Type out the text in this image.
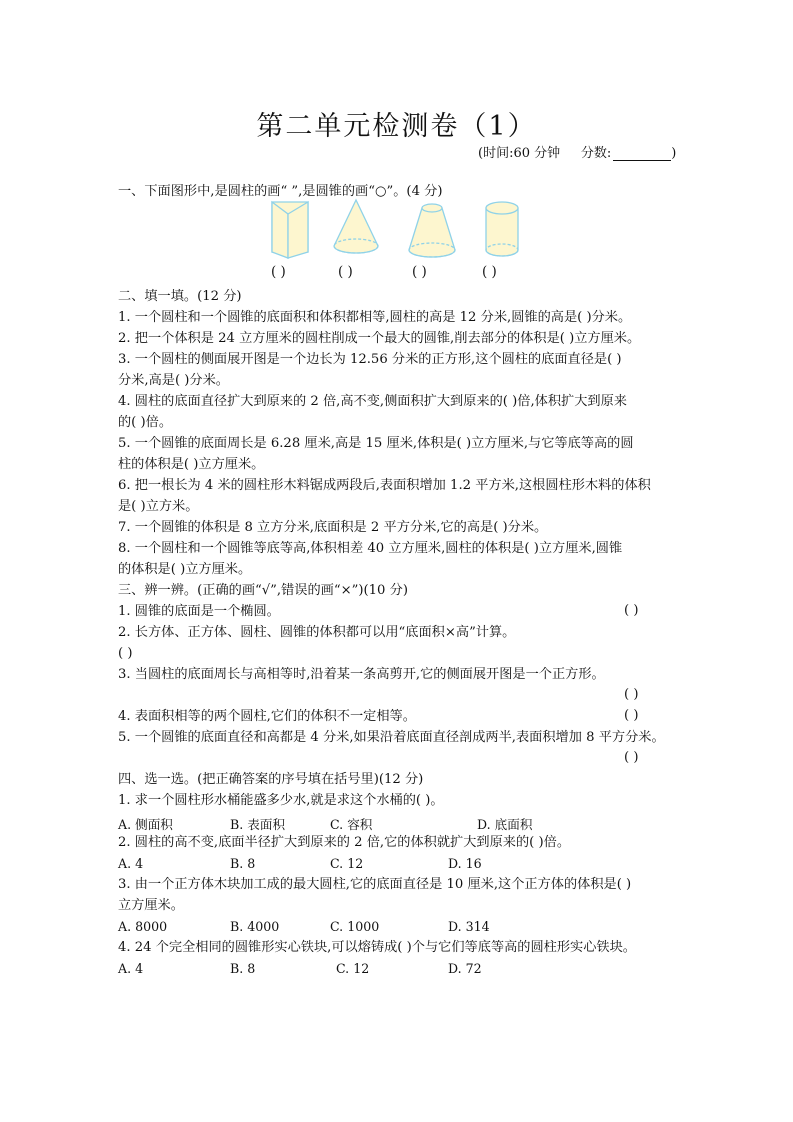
第二单元检测卷（1）
(时间:60 分钟 分数:	)
一、下面图形中,是圆柱的画“ ”,是圆锥的画“○”。(4 分)
( )	( )	( )	( )
二、填一填。(12 分)
1. 一个圆柱和一个圆锥的底面积和体积都相等,圆柱的高是 12 分米,圆锥的高是( )分米。
2. 把一个体积是 24 立方厘米的圆柱削成一个最大的圆锥,削去部分的体积是( )立方厘米。
3. 一个圆柱的侧面展开图是一个边长为 12.56 分米的正方形,这个圆柱的底面直径是( )
分米,高是( )分米。
4. 圆柱的底面直径扩大到原来的 2 倍,高不变,侧面积扩大到原来的( )倍,体积扩大到原来
的( )倍。
5. 一个圆锥的底面周长是 6.28 厘米,高是 15 厘米,体积是( )立方厘米,与它等底等高的圆
柱的体积是( )立方厘米。
6. 把一根长为 4 米的圆柱形木料锯成两段后,表面积增加 1.2 平方米,这根圆柱形木料的体积
是( )立方米。
7. 一个圆锥的体积是 8 立方分米,底面积是 2 平方分米,它的高是( )分米。
8. 一个圆柱和一个圆锥等底等高,体积相差 40 立方厘米,圆柱的体积是( )立方厘米,圆锥
的体积是( )立方厘米。
三、辨一辨。(正确的画“√”,错误的画“×”)(10 分)
1. 圆锥的底面是一个椭圆。	( )
2. 长方体、正方体、圆柱、圆锥的体积都可以用“底面积×高”计算。
( )
3. 当圆柱的底面周长与高相等时,沿着某一条高剪开,它的侧面展开图是一个正方形。
( )
4. 表面积相等的两个圆柱,它们的体积不一定相等。	( )
5. 一个圆锥的底面直径和高都是 4 分米,如果沿着底面直径剖成两半,表面积增加 8 平方分米。
( )
四、选一选。(把正确答案的序号填在括号里)(12 分)
1. 求一个圆柱形水桶能盛多少水,就是求这个水桶的( )。
A. 侧面积	B. 表面积	C. 容积	D. 底面积
2. 圆柱的高不变,底面半径扩大到原来的 2 倍,它的体积就扩大到原来的( )倍。
A. 4	B. 8	C. 12	D. 16
3. 由一个正方体木块加工成的最大圆柱,它的底面直径是 10 厘米,这个正方体的体积是( )
立方厘米。
A. 8000	B. 4000	C. 1000	D. 314
4. 24 个完全相同的圆锥形实心铁块,可以熔铸成( )个与它们等底等高的圆柱形实心铁块。
A. 4	B. 8	C. 12	D. 72
